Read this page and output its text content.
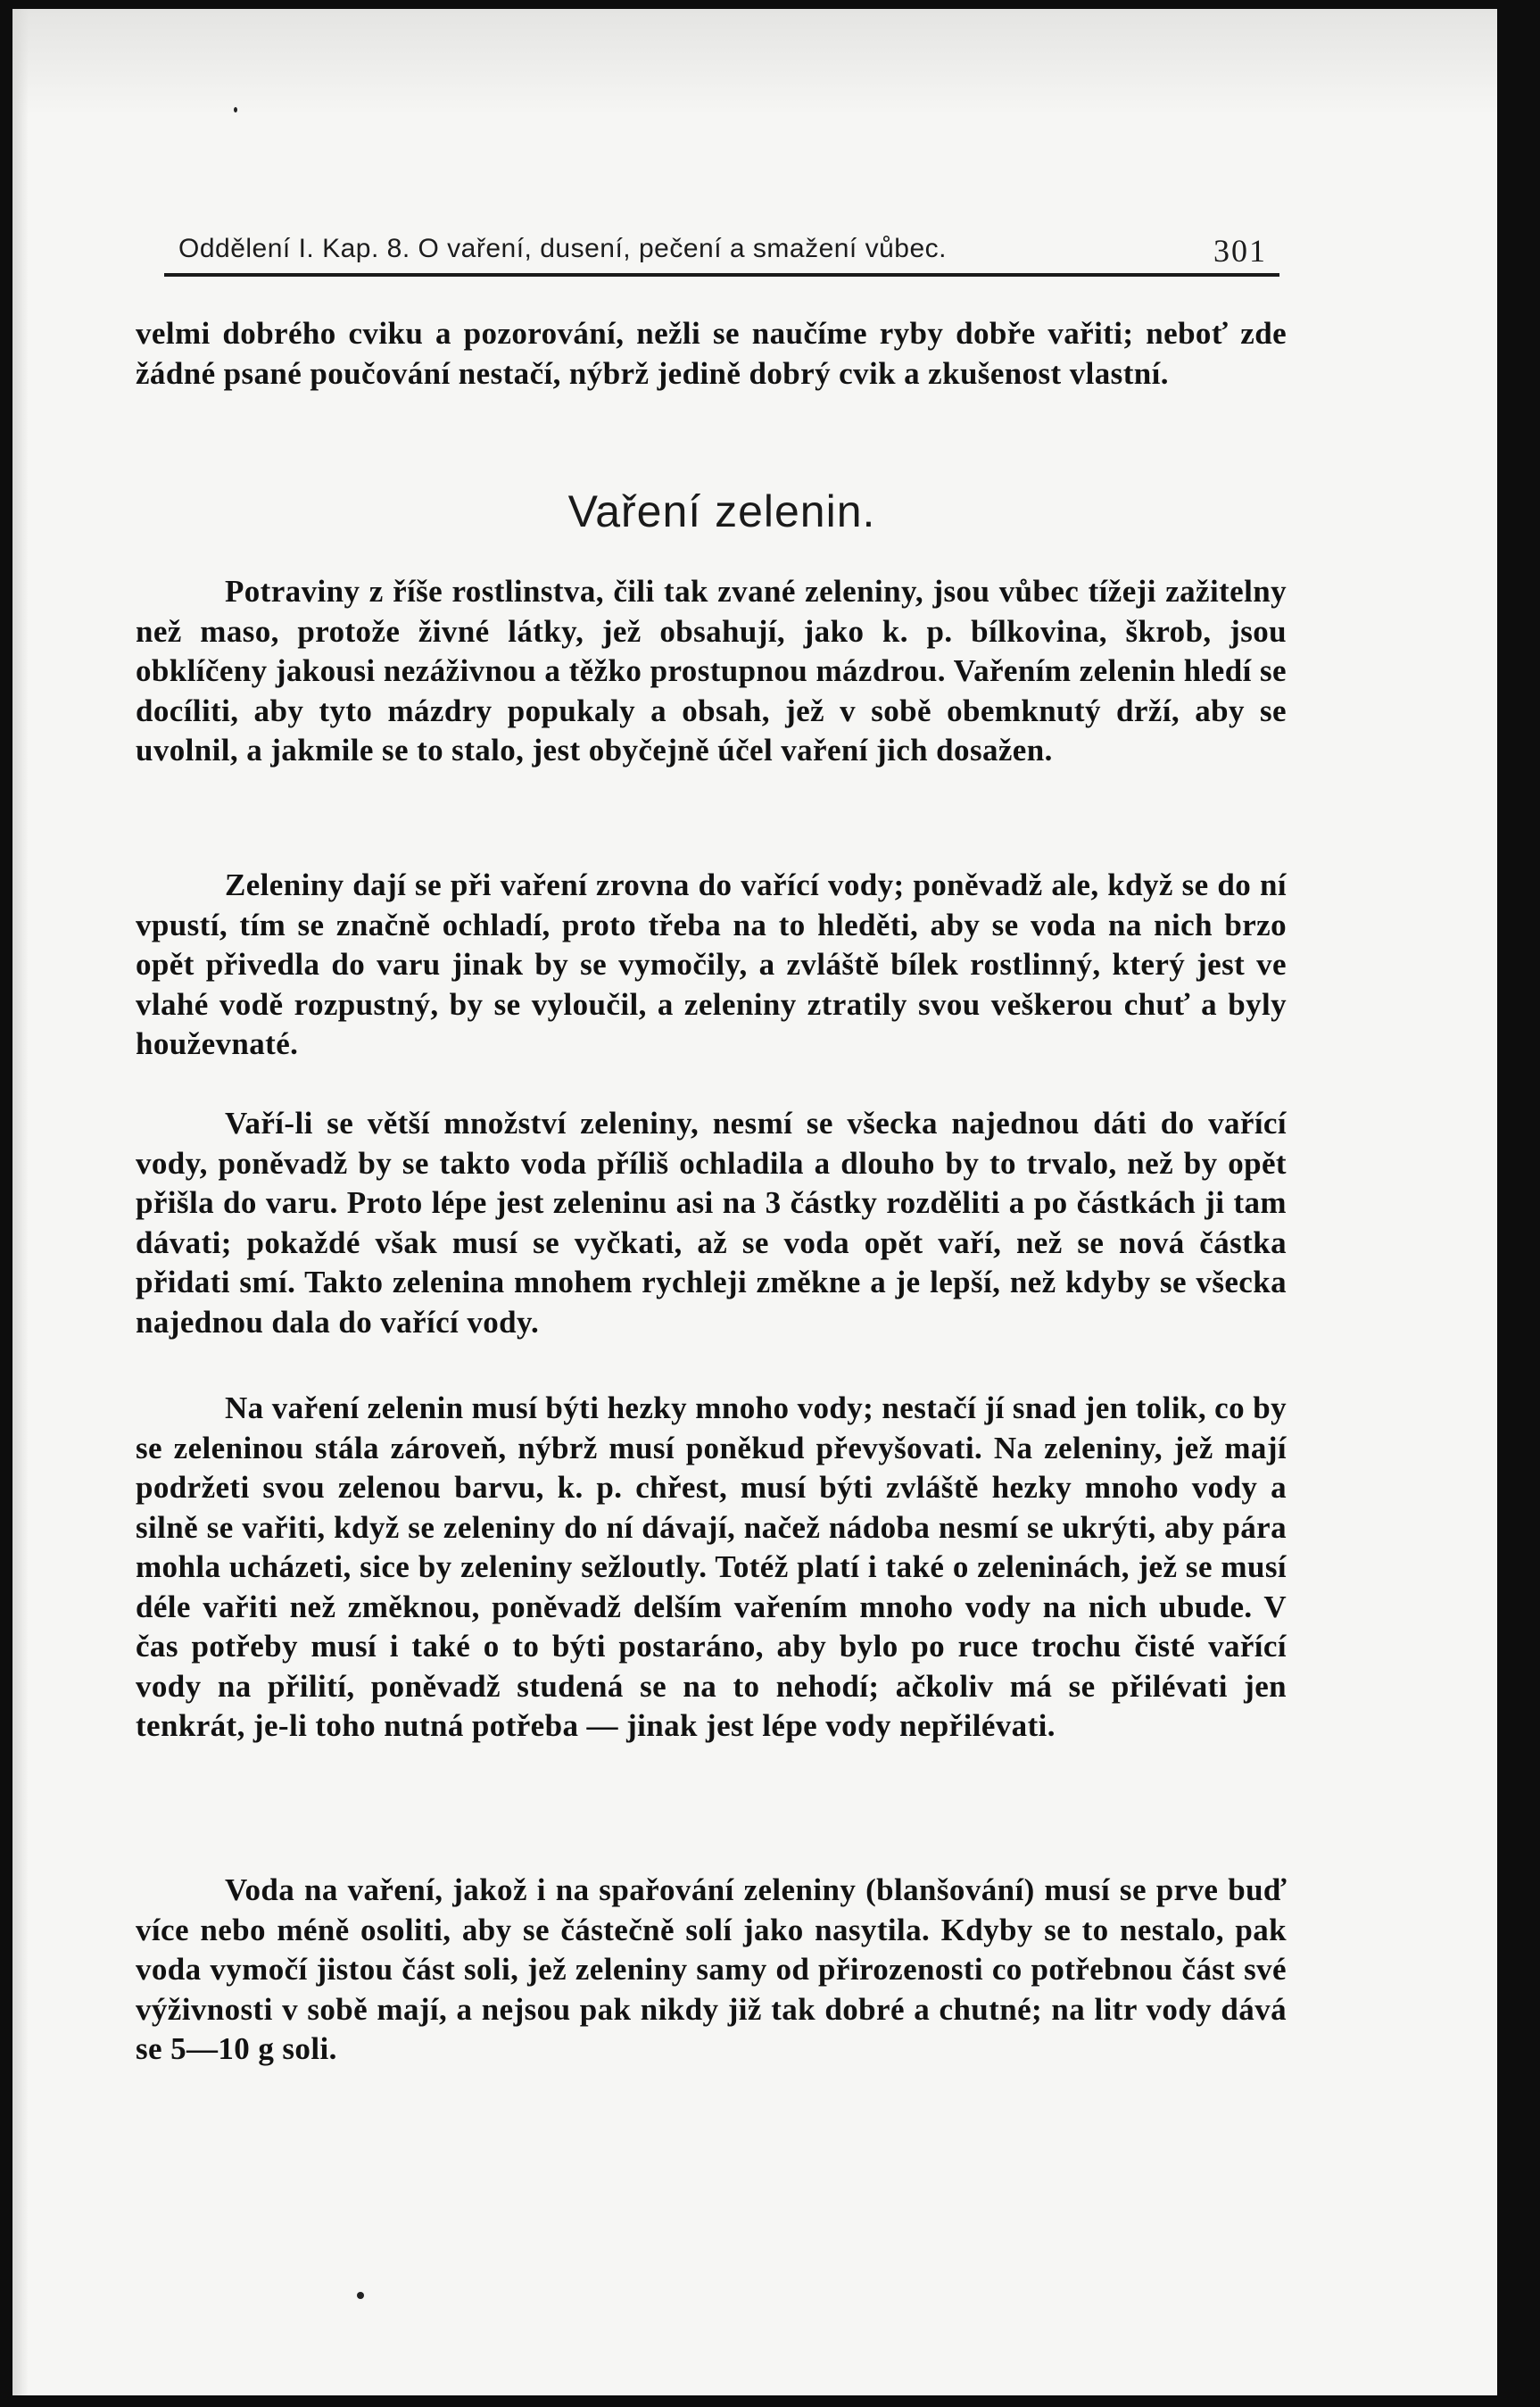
Oddělení I. Kap. 8. O vaření, dusení, pečení a smažení vůbec.	301

velmi dobrého cviku a pozorování, nežli se naučíme ryby dobře vařiti; neboť zde žádné psané poučování nestačí, nýbrž jedině dobrý cvik a zkušenost vlastní.

Vaření zelenin.

Potraviny z říše rostlinstva, čili tak zvané zeleniny, jsou vůbec tížeji zažitelny než maso, protože živné látky, jež obsahují, jako k. p. bílkovina, škrob, jsou obklíčeny jakousi nezáživnou a těžko prostupnou mázdrou. Vařením zelenin hledí se docíliti, aby tyto mázdry popukaly a obsah, jež v sobě obemknutý drží, aby se uvolnil, a jakmile se to stalo, jest obyčejně účel vaření jich dosažen.

Zeleniny dají se při vaření zrovna do vařící vody; poněvadž ale, když se do ní vpustí, tím se značně ochladí, proto třeba na to hleděti, aby se voda na nich brzo opět přivedla do varu jinak by se vymočily, a zvláště bílek rostlinný, který jest ve vlahé vodě rozpustný, by se vyloučil, a zeleniny ztratily svou veškerou chuť a byly houževnaté.

Vaří-li se větší množství zeleniny, nesmí se všecka najednou dáti do vařící vody, poněvadž by se takto voda příliš ochladila a dlouho by to trvalo, než by opět přišla do varu. Proto lépe jest zeleninu asi na 3 částky rozděliti a po částkách ji tam dávati; pokaždé však musí se vyčkati, až se voda opět vaří, než se nová částka přidati smí. Takto zelenina mnohem rychleji změkne a je lepší, než kdyby se všecka najednou dala do vařící vody.

Na vaření zelenin musí býti hezky mnoho vody; nestačí jí snad jen tolik, co by se zeleninou stála zároveň, nýbrž musí poněkud převyšovati. Na zeleniny, jež mají podržeti svou zelenou barvu, k. p. chřest, musí býti zvláště hezky mnoho vody a silně se vařiti, když se zeleniny do ní dávají, načež nádoba nesmí se ukrýti, aby pára mohla ucházeti, sice by zeleniny sežloutly. Totéž platí i také o zeleninách, jež se musí déle vařiti než změknou, poněvadž delším vařením mnoho vody na nich ubude. V čas potřeby musí i také o to býti postaráno, aby bylo po ruce trochu čisté vařící vody na přilití, poněvadž studená se na to nehodí; ačkoliv má se přilévati jen tenkrát, je-li toho nutná potřeba — jinak jest lépe vody nepřilévati.

Voda na vaření, jakož i na spařování zeleniny (blanšování) musí se prve buď více nebo méně osoliti, aby se částečně solí jako nasytila. Kdyby se to nestalo, pak voda vymočí jistou část soli, jež zeleniny samy od přirozenosti co potřebnou část své výživnosti v sobě mají, a nejsou pak nikdy již tak dobré a chutné; na litr vody dává se 5—10 g soli.
